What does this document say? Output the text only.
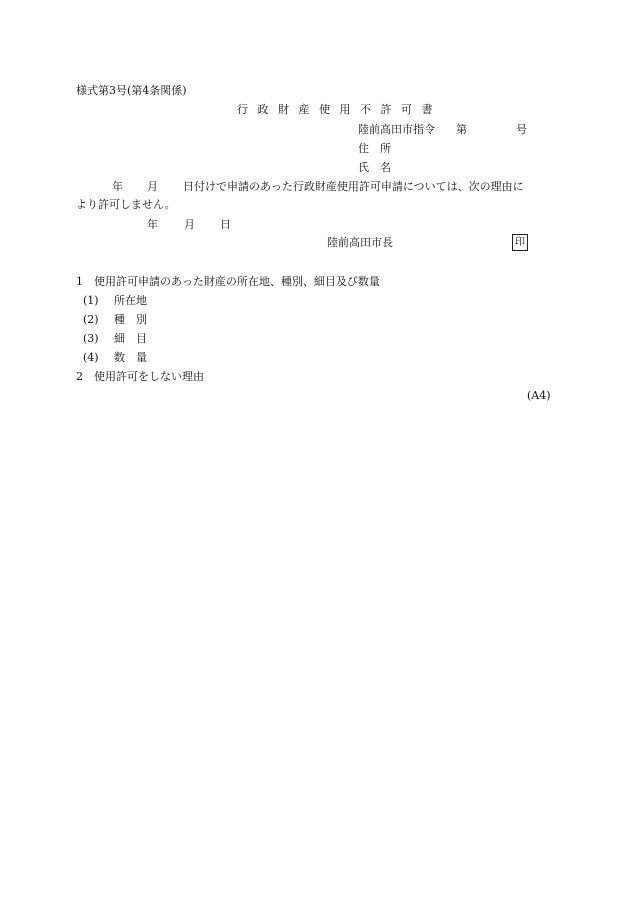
様式第3号(第4条関係)
行 政 財 産 使 用 不 許 可 書
陸前高田市指令 第	号
住　所
氏　名
年 月 日付けで申請のあった行政財産使用許可申請については、次の理由に
より許可しません。
年 月 日
陸前高田市長	印
1　使用許可申請のあった財産の所在地、種別、細目及び数量
(1) 所在地
(2) 種　別
(3) 細　目
(4) 数　量
2　使用許可をしない理由
(A4)
